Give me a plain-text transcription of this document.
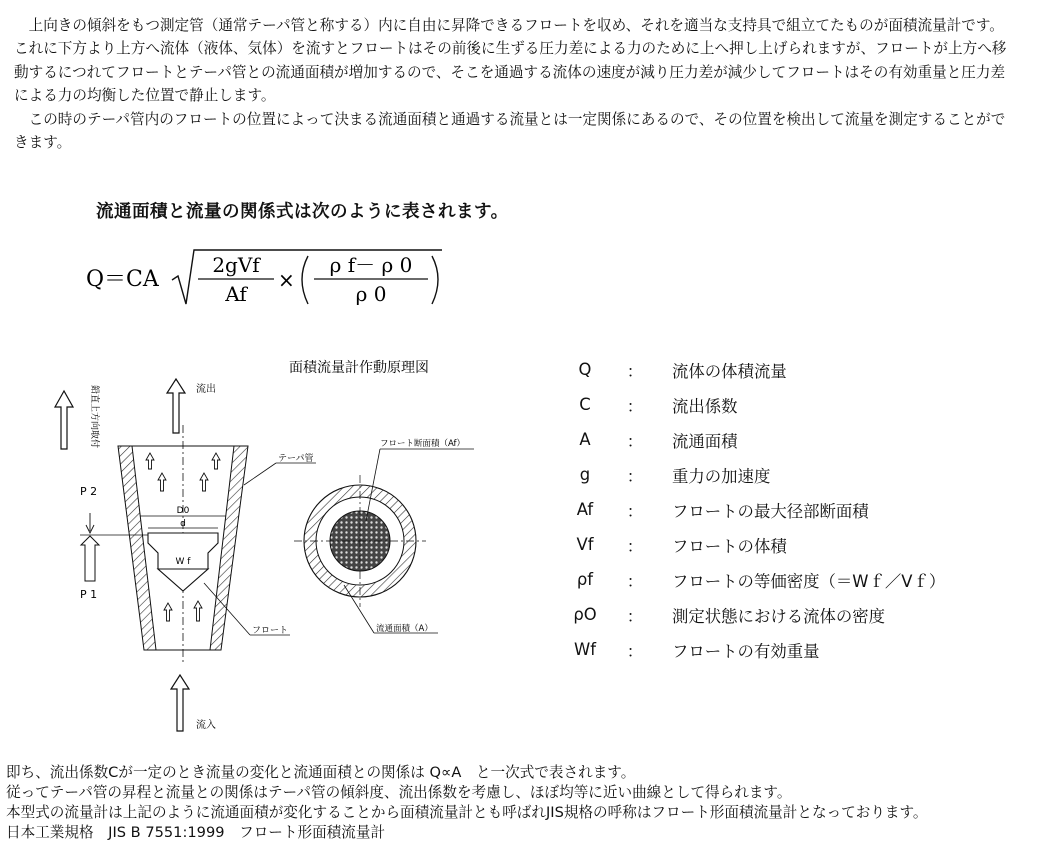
上向きの傾斜をもつ測定管（通常テーパ管と称する）内に自由に昇降できるフロートを収め、それを適当な支持具で組立てたものが面積流量計です。これに下方より上方へ流体（液体、気体）を流すとフロートはその前後に生ずる圧力差による力のために上へ押し上げられますが、フロートが上方へ移動するにつれてフロートとテーパ管との流通面積が増加するので、そこを通過する流体の速度が減り圧力差が減少してフロートはその有効重量と圧力差による力の均衡した位置で静止します。

この時のテーパ管内のフロートの位置によって決まる流通面積と通過する流量とは一定関係にあるので、その位置を検出して流量を測定することができます。

流通面積と流量の関係式は次のように表されます。
Q＝CA
2gVf
Af
×
ρ f－ ρ 0
ρ 0
面積流量計作動原理図
流出
鉛直上方向取付
D0
d
W f
P 2
P 1
テーパ管
フロート
フロート断面積（Af）
流通面積（A）
流入
Q	：	流体の体積流量
C	：	流出係数
A	：	流通面積
g	：	重力の加速度
Af	：	フロートの最大径部断面積
Vf	：	フロートの体積
ρf	：	フロートの等価密度（＝Wｆ／Vｆ）
ρO	：	測定状態における流体の密度
Wf	：	フロートの有効重量
即ち、流出係数Cが一定のとき流量の変化と流通面積との関係は Q∝A　と一次式で表されます。
従ってテーパ管の昇程と流量との関係はテーパ管の傾斜度、流出係数を考慮し、ほぼ均等に近い曲線として得られます。
本型式の流量計は上記のように流通面積が変化することから面積流量計とも呼ばれJIS規格の呼称はフロート形面積流量計となっております。
日本工業規格　JIS B 7551:1999　フロート形面積流量計
